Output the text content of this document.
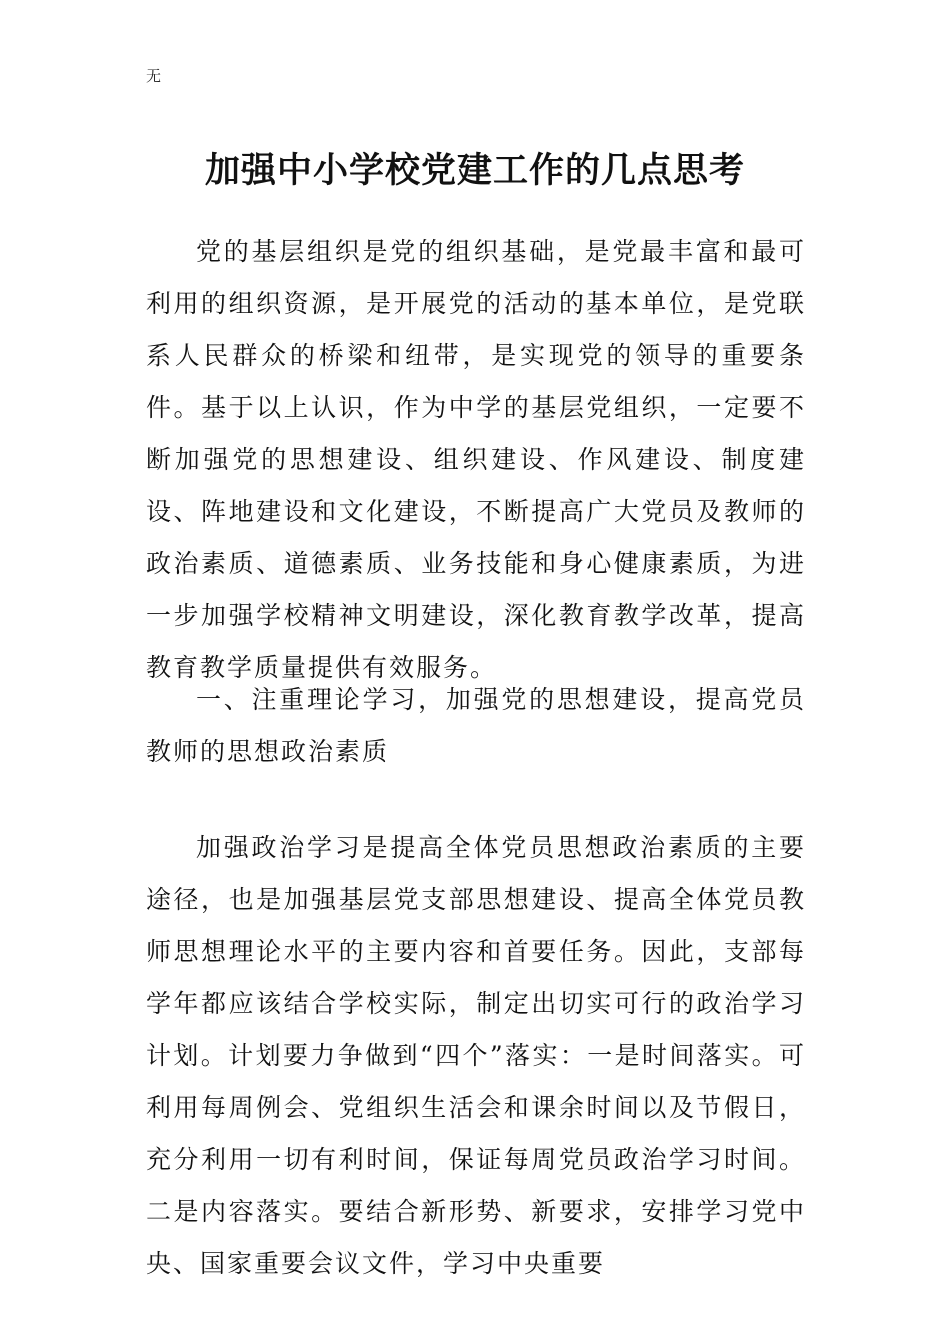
无
加强中小学校党建工作的几点思考

党的基层组织是党的组织基础，是党最丰富和最可利用的组织资源，是开展党的活动的基本单位，是党联系人民群众的桥梁和纽带，是实现党的领导的重要条件。基于以上认识，作为中学的基层党组织，一定要不断加强党的思想建设、组织建设、作风建设、制度建设、阵地建设和文化建设，不断提高广大党员及教师的政治素质、道德素质、业务技能和身心健康素质，为进一步加强学校精神文明建设，深化教育教学改革，提高教育教学质量提供有效服务。

一、注重理论学习，加强党的思想建设，提高党员教师的思想政治素质

加强政治学习是提高全体党员思想政治素质的主要途径，也是加强基层党支部思想建设、提高全体党员教师思想理论水平的主要内容和首要任务。因此，支部每学年都应该结合学校实际，制定出切实可行的政治学习计划。计划要力争做到“四个”落实：一是时间落实。可利用每周例会、党组织生活会和课余时间以及节假日，充分利用一切有利时间，保证每周党员政治学习时间。二是内容落实。要结合新形势、新要求，安排学习党中央、国家重要会议文件，学习中央重要
